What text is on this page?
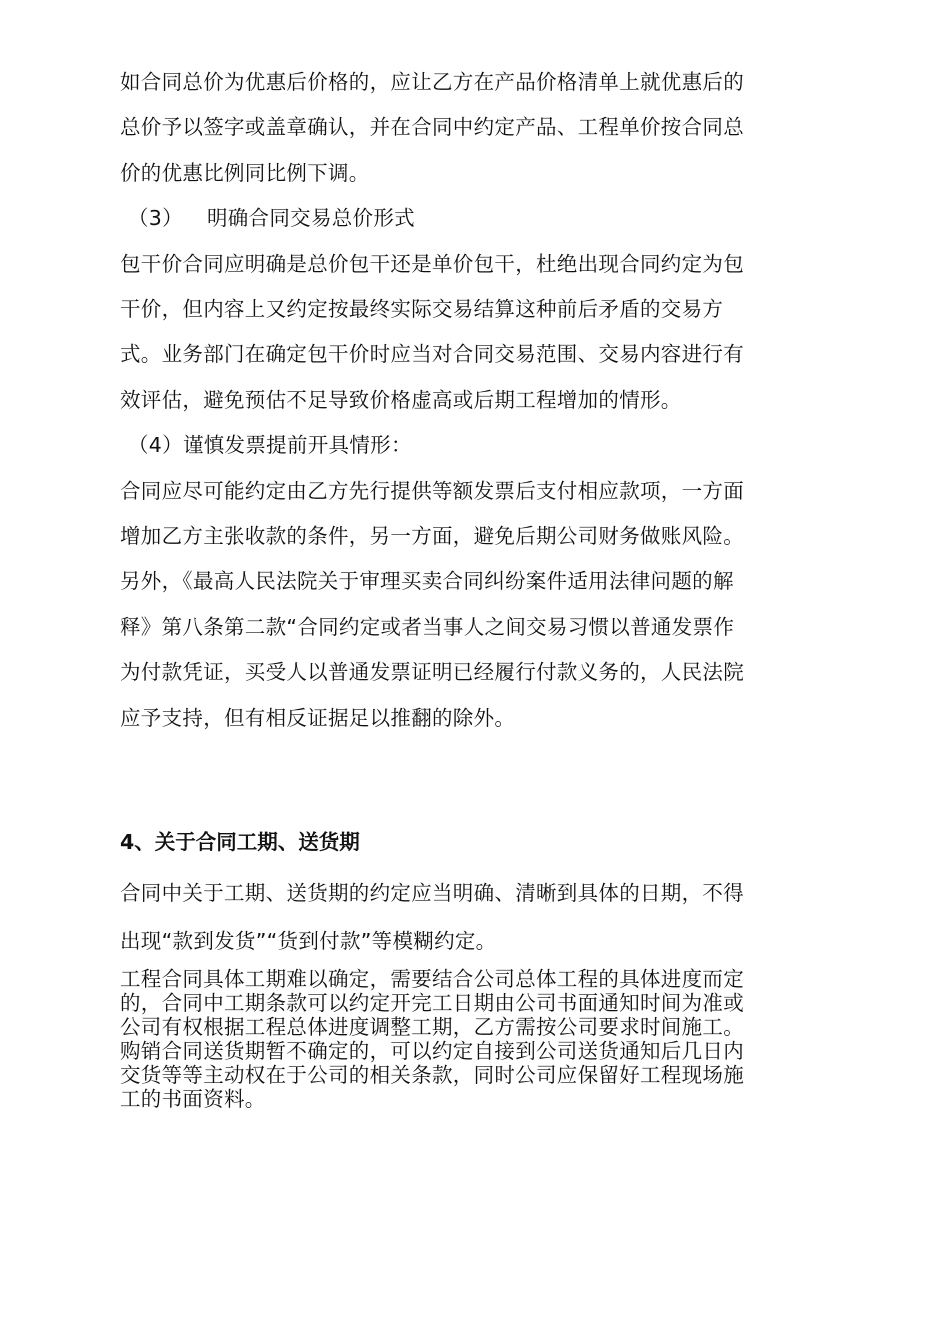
如合同总价为优惠后价格的，应让乙方在产品价格清单上就优惠后的
总价予以签字或盖章确认，并在合同中约定产品、工程单价按合同总
价的优惠比例同比例下调。
（3） 明确合同交易总价形式
包干价合同应明确是总价包干还是单价包干，杜绝出现合同约定为包
干价，但内容上又约定按最终实际交易结算这种前后矛盾的交易方
式。业务部门在确定包干价时应当对合同交易范围、交易内容进行有
效评估，避免预估不足导致价格虚高或后期工程增加的情形。
（4）谨慎发票提前开具情形：
合同应尽可能约定由乙方先行提供等额发票后支付相应款项，一方面
增加乙方主张收款的条件，另一方面，避免后期公司财务做账风险。
另外，《最高人民法院关于审理买卖合同纠纷案件适用法律问题的解
释》第八条第二款“合同约定或者当事人之间交易习惯以普通发票作
为付款凭证，买受人以普通发票证明已经履行付款义务的，人民法院
应予支持，但有相反证据足以推翻的除外。
4、关于合同工期、送货期
合同中关于工期、送货期的约定应当明确、清晰到具体的日期，不得
出现“款到发货”“货到付款”等模糊约定。
工程合同具体工期难以确定，需要结合公司总体工程的具体进度而定
的，合同中工期条款可以约定开完工日期由公司书面通知时间为准或
公司有权根据工程总体进度调整工期，乙方需按公司要求时间施工。
购销合同送货期暂不确定的，可以约定自接到公司送货通知后几日内
交货等等主动权在于公司的相关条款，同时公司应保留好工程现场施
工的书面资料。
